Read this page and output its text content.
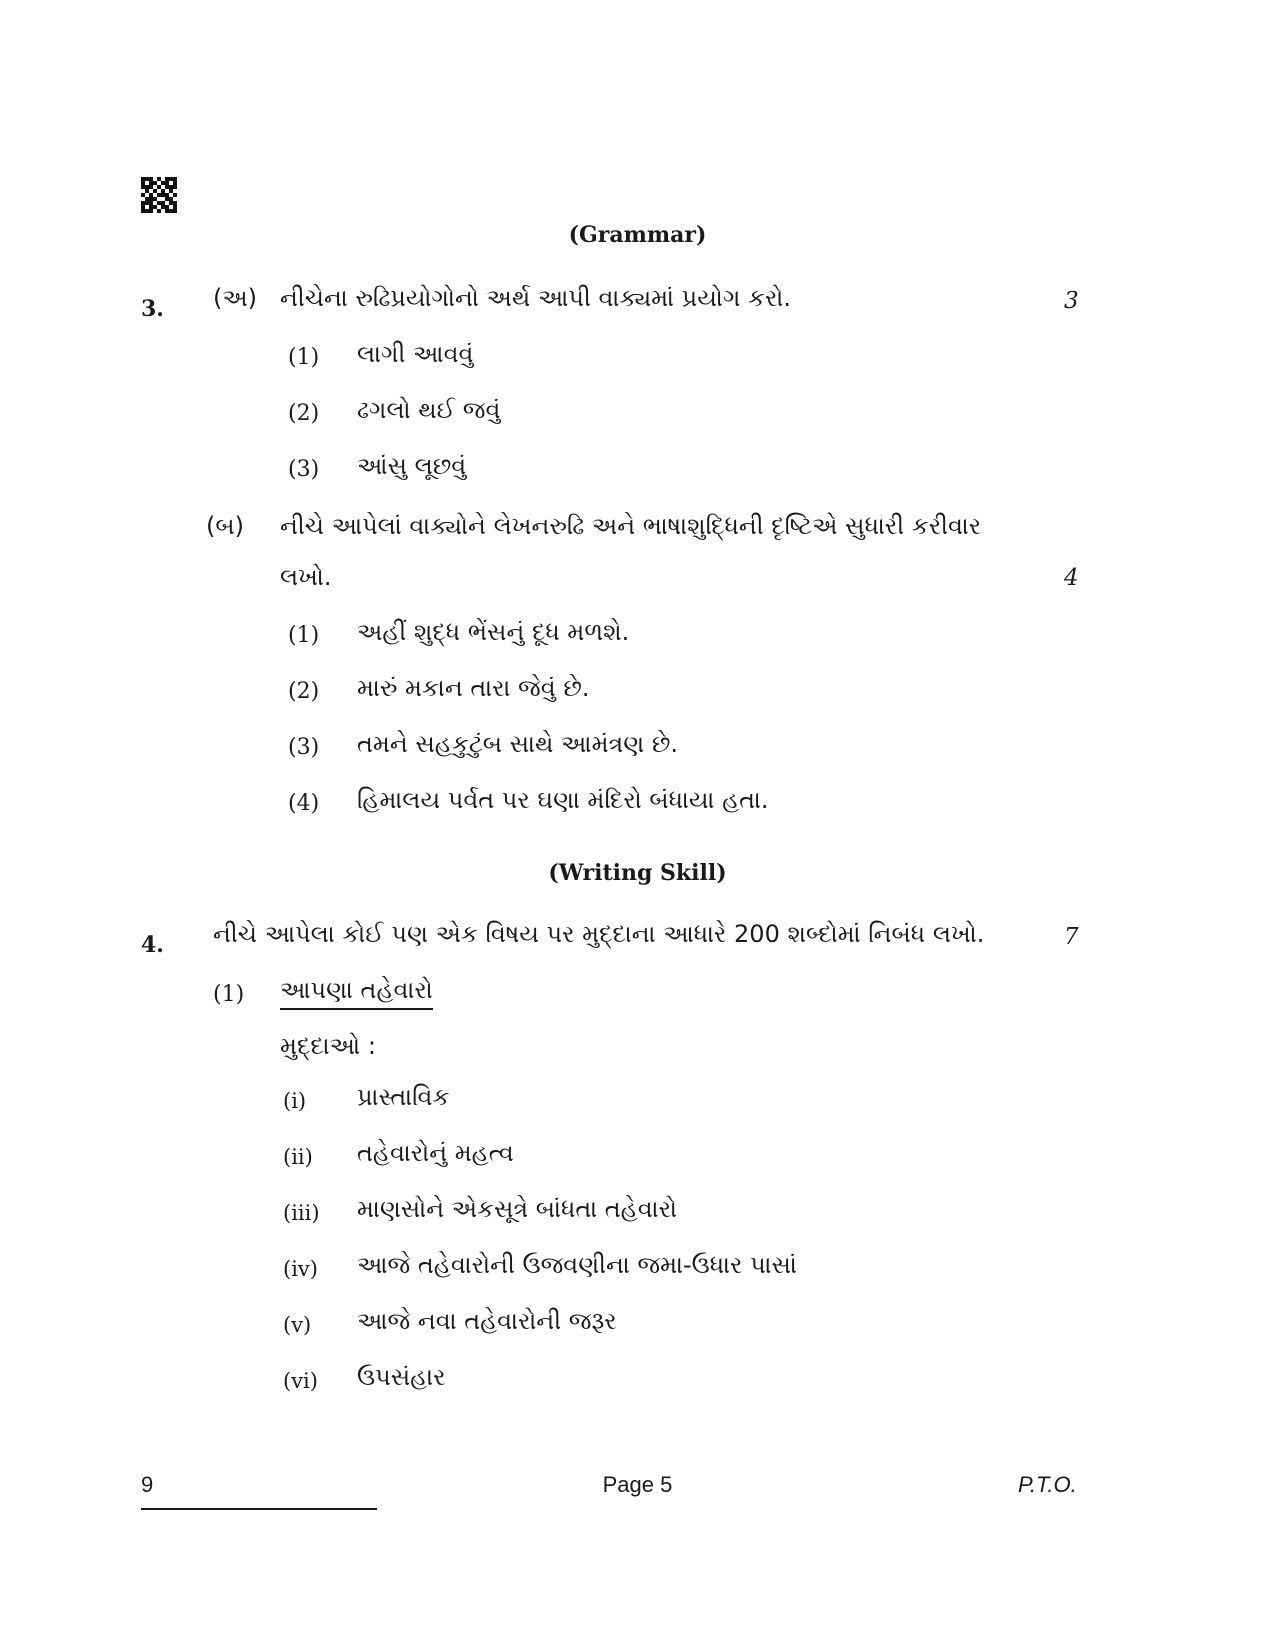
(Grammar)
3. (અ) નીચેના રુઢિપ્રયોગોનો અર્થ આપી વાક્યમાં પ્રયોગ કરો.	3
(1) લાગી આવવું
(2) ઢગલો થઈ જવું
(3) આંસુ લૂછવું
(બ) નીચે આપેલાં વાક્યોને લેખનરુઢિ અને ભાષાશુદ્ધિની દૃષ્ટિએ સુધારી કરીવાર
લખો.	4
(1) અહીં શુદ્ધ ભેંસનું દૂધ મળશે.
(2) મારું મકાન તારા જેવું છે.
(3) તમને સહકુટુંબ સાથે આમંત્રણ છે.
(4) હિમાલય પર્વત પર ઘણા મંદિરો બંધાયા હતા.
(Writing Skill)
4. નીચે આપેલા કોઈ પણ એક વિષય પર મુદ્દાના આધારે 200 શબ્દોમાં નિબંધ લખો.	7
(1) આપણા તહેવારો
મુદ્દાઓ :
(i) પ્રાસ્તાવિક
(ii) તહેવારોનું મહત્વ
(iii) માણસોને એકસૂત્રે બાંધતા તહેવારો
(iv) આજે તહેવારોની ઉજવણીના જમા-ઉધાર પાસાં
(v) આજે નવા તહેવારોની જરૂર
(vi) ઉપસંહાર
9	Page 5	P.T.O.
